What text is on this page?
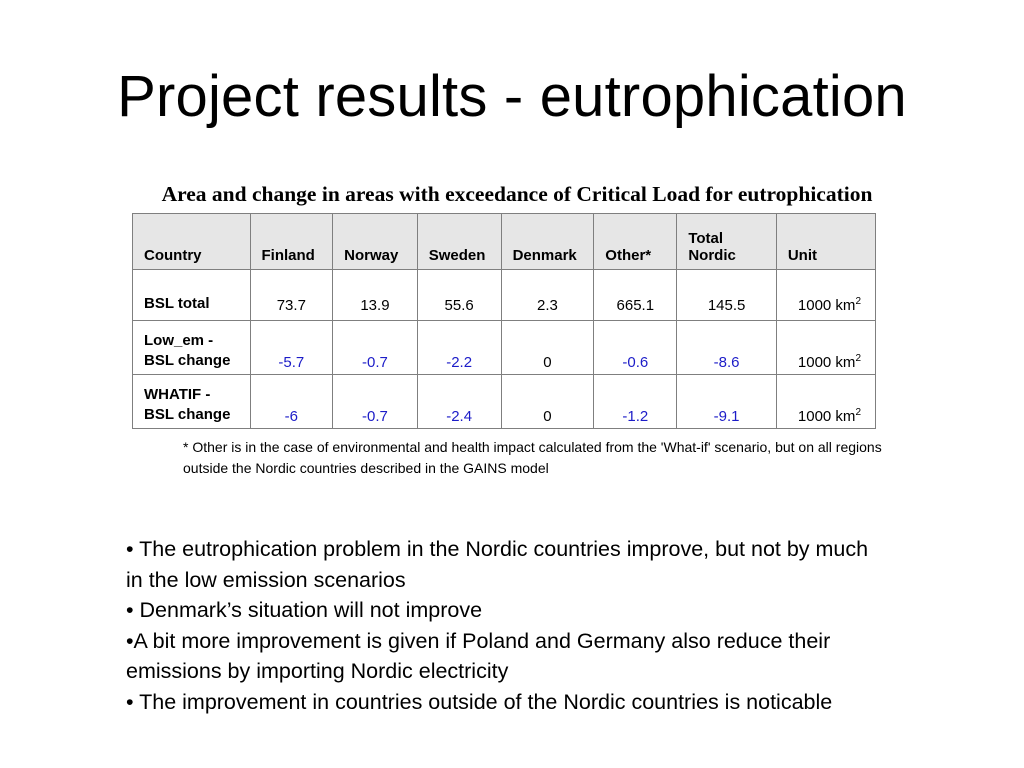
Project results - eutrophication
Area and change in areas with exceedance of Critical Load for eutrophication
Country	Finland	Norway	Sweden	Denmark	Other*	Total Nordic	Unit
BSL total	73.7	13.9	55.6	2.3	665.1	145.5	1000 $km^2$
Low_em -
BSL change	-5.7	-0.7	-2.2	0	-0.6	-8.6	1000 $km^2$
WHATIF -
BSL change	-6	-0.7	-2.4	0	-1.2	-9.1	1000 $km^2$
* Other is in the case of environmental and health impact calculated from the 'What-if' scenario, but on all regions outside the Nordic countries described in the GAINS model

• The eutrophication problem in the Nordic countries improve, but not by much in the low emission scenarios

• Denmark’s situation will not improve

•A bit more improvement is given if Poland and Germany also reduce their emissions by importing Nordic electricity

• The improvement in countries outside of the Nordic countries is noticable
